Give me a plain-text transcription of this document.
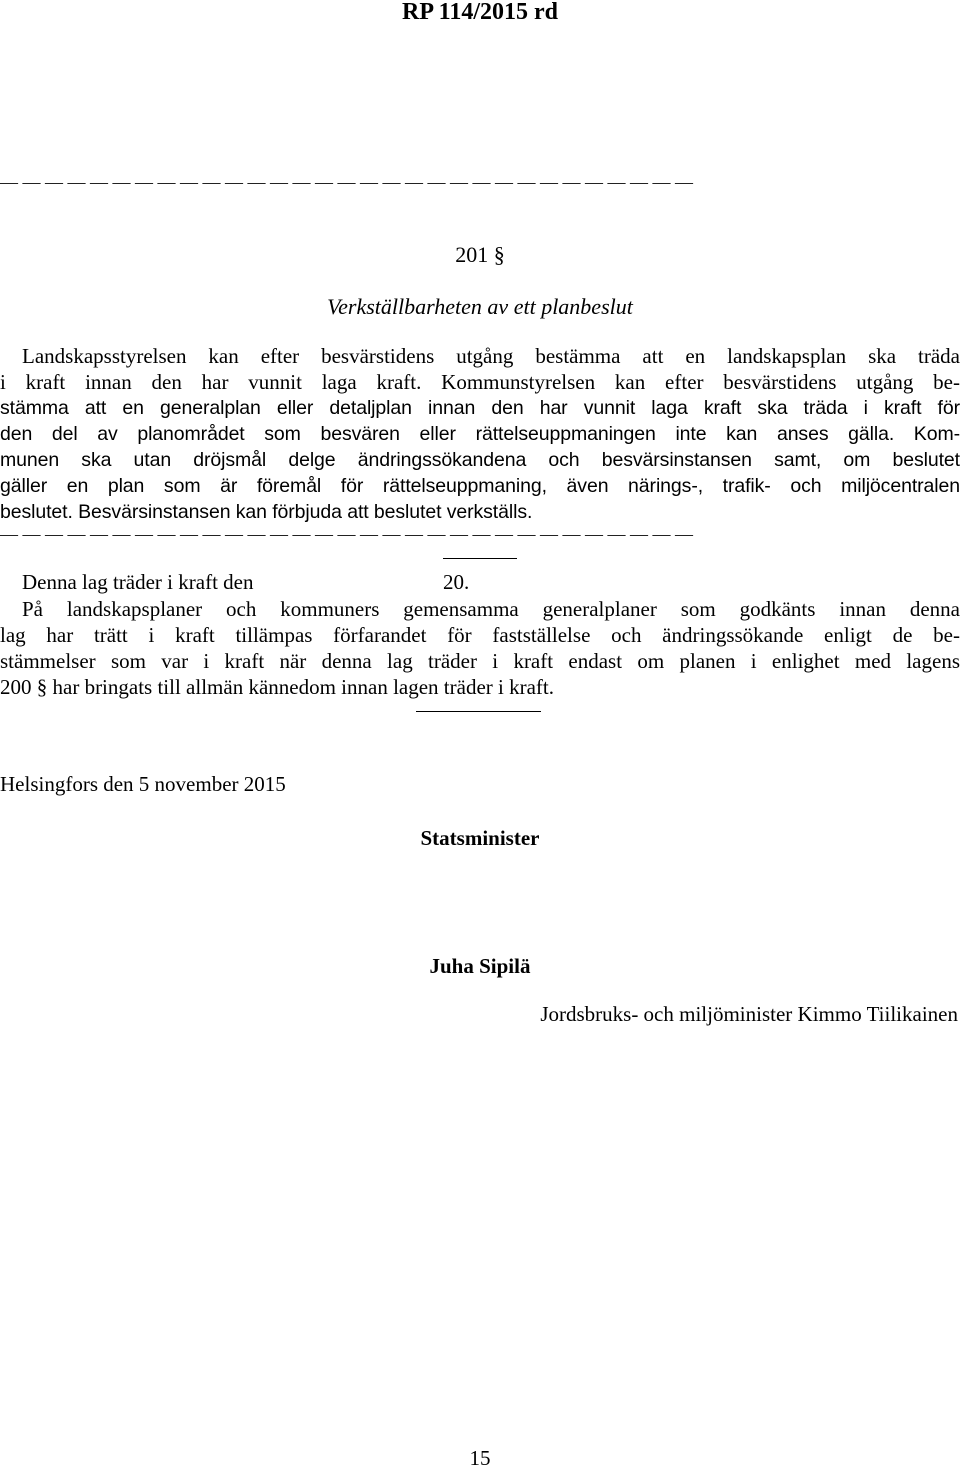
RP 114/2015 rd
— — — — — — — — — — — — — — — — — — — — — — — — — — — — — — —
201 §
Verkställbarheten av ett planbeslut
Landskapsstyrelsen kan efter besvärstidens utgång bestämma att en landskapsplan ska träda
i kraft innan den har vunnit laga kraft. Kommunstyrelsen kan efter besvärstidens utgång be-
stämma att en generalplan eller detaljplan innan den har vunnit laga kraft ska träda i kraft för
den del av planområdet som besvären eller rättelseuppmaningen inte kan anses gälla. Kom-
munen ska utan dröjsmål delge ändringssökandena och besvärsinstansen samt, om beslutet
gäller en plan som är föremål för rättelseuppmaning, även närings-, trafik- och miljöcentralen
beslutet. Besvärsinstansen kan förbjuda att beslutet verkställs.
— — — — — — — — — — — — — — — — — — — — — — — — — — — — — — —
Denna lag träder i kraft den	20.
På landskapsplaner och kommuners gemensamma generalplaner som godkänts innan denna
lag har trätt i kraft tillämpas förfarandet för fastställelse och ändringssökande enligt de be-
stämmelser som var i kraft när denna lag träder i kraft endast om planen i enlighet med lagens
200 § har bringats till allmän kännedom innan lagen träder i kraft.
Helsingfors den 5 november 2015
Statsminister
Juha Sipilä
Jordsbruks- och miljöminister Kimmo Tiilikainen
15
